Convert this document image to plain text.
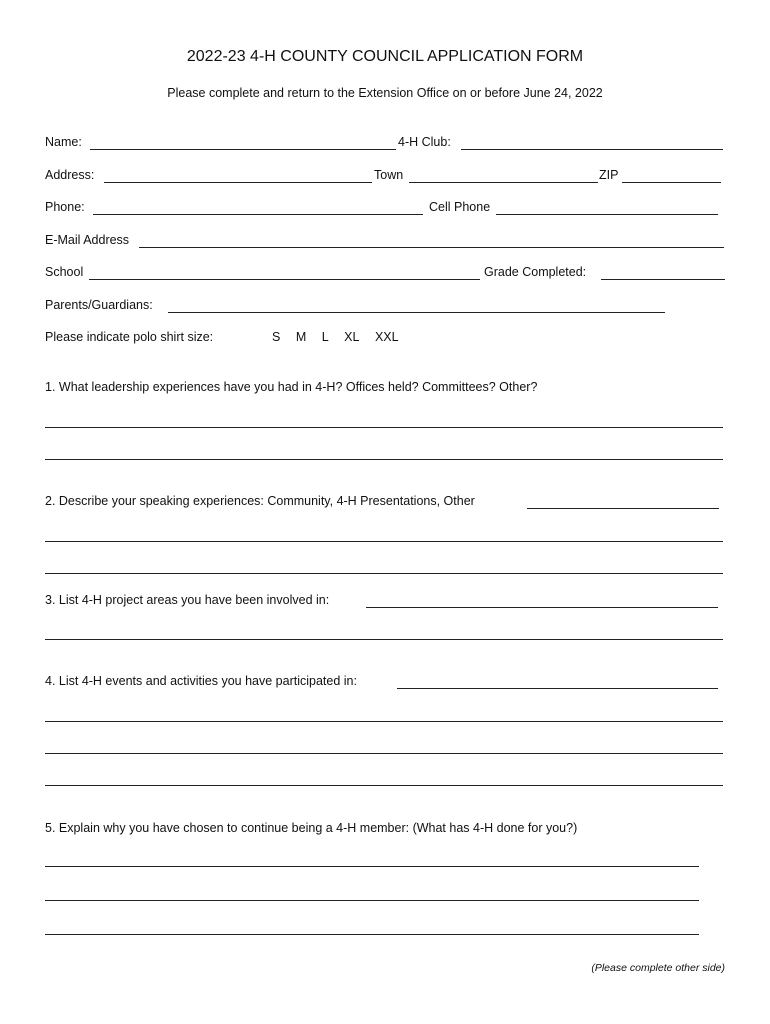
2022-23 4-H COUNTY COUNCIL APPLICATION FORM
Please complete and return to the Extension Office on or before June 24, 2022
Name:	4-H Club:
Address:	Town	ZIP
Phone:	Cell Phone
E-Mail Address
School	Grade Completed:
Parents/Guardians:
Please indicate polo shirt size:	S M L XL XXL
1. What leadership experiences have you had in 4-H? Offices held? Committees? Other?
2. Describe your speaking experiences: Community, 4-H Presentations, Other
3. List 4-H project areas you have been involved in:
4. List 4-H events and activities you have participated in:
5. Explain why you have chosen to continue being a 4-H member: (What has 4-H done for you?)
(Please complete other side)
